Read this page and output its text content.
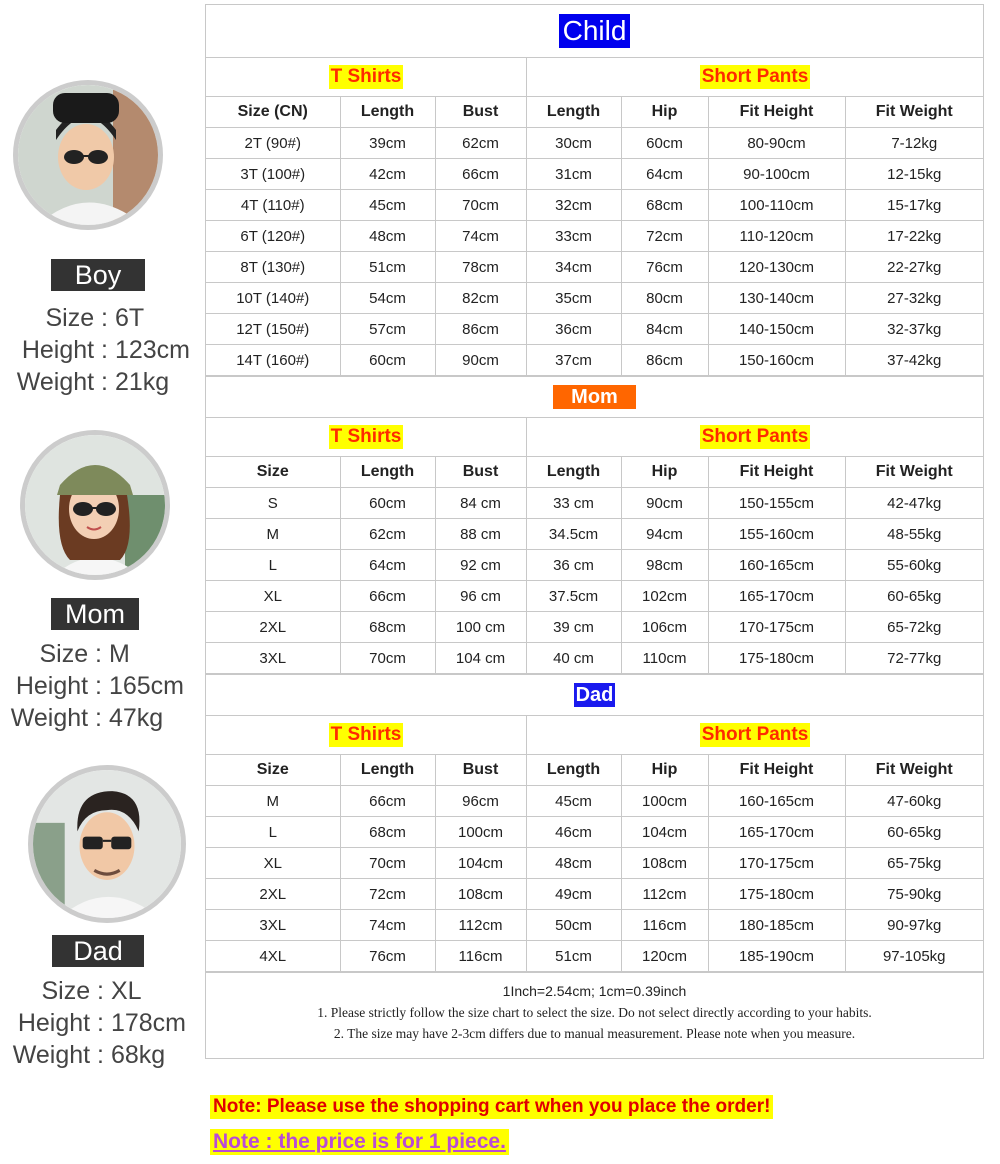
Boy
Size : 6T
Height : 123cm
Weight : 21kg
Mom
Size : M
Height : 165cm
Weight : 47kg
Dad
Size : XL
Height : 178cm
Weight : 68kg
Child
T Shirts	Short Pants
Size (CN)	Length	Bust	Length	Hip	Fit Height	Fit Weight
2T (90#)	39cm	62cm	30cm	60cm	80-90cm	7-12kg
3T (100#)	42cm	66cm	31cm	64cm	90-100cm	12-15kg
4T (110#)	45cm	70cm	32cm	68cm	100-110cm	15-17kg
6T (120#)	48cm	74cm	33cm	72cm	110-120cm	17-22kg
8T (130#)	51cm	78cm	34cm	76cm	120-130cm	22-27kg
10T (140#)	54cm	82cm	35cm	80cm	130-140cm	27-32kg
12T (150#)	57cm	86cm	36cm	84cm	140-150cm	32-37kg
14T (160#)	60cm	90cm	37cm	86cm	150-160cm	37-42kg
Mom
T Shirts	Short Pants
Size	Length	Bust	Length	Hip	Fit Height	Fit Weight
S	60cm	84 cm	33 cm	90cm	150-155cm	42-47kg
M	62cm	88 cm	34.5cm	94cm	155-160cm	48-55kg
L	64cm	92 cm	36 cm	98cm	160-165cm	55-60kg
XL	66cm	96 cm	37.5cm	102cm	165-170cm	60-65kg
2XL	68cm	100 cm	39 cm	106cm	170-175cm	65-72kg
3XL	70cm	104 cm	40 cm	110cm	175-180cm	72-77kg
Dad
T Shirts	Short Pants
Size	Length	Bust	Length	Hip	Fit Height	Fit Weight
M	66cm	96cm	45cm	100cm	160-165cm	47-60kg
L	68cm	100cm	46cm	104cm	165-170cm	60-65kg
XL	70cm	104cm	48cm	108cm	170-175cm	65-75kg
2XL	72cm	108cm	49cm	112cm	175-180cm	75-90kg
3XL	74cm	112cm	50cm	116cm	180-185cm	90-97kg
4XL	76cm	116cm	51cm	120cm	185-190cm	97-105kg
1Inch=2.54cm; 1cm=0.39inch
1. Please strictly follow the size chart to select the size. Do not select directly according to your habits.
2. The size may have 2-3cm differs due to manual measurement. Please note when you measure.
Note: Please use the shopping cart when you place the order!
Note : the price is for 1 piece.
